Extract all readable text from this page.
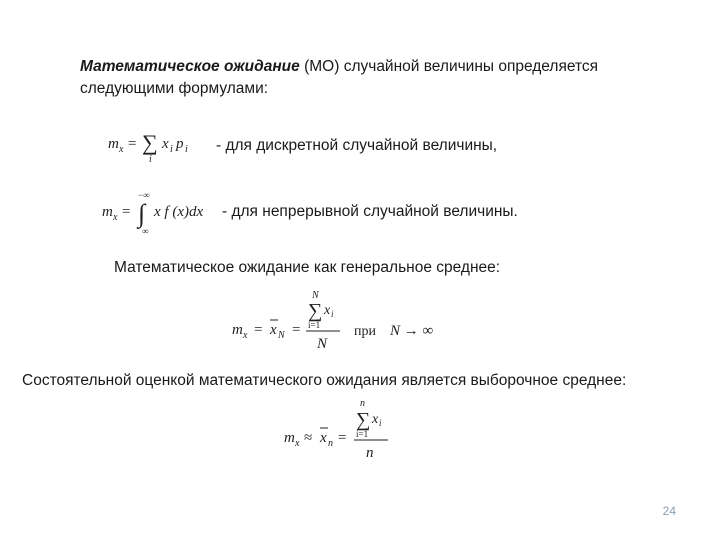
Математическое ожидание (МО) случайной величины определяется
следующими формулами:
m x = ∑
i
x i p i - для дискретной случайной величины,
m x =
−∞
∫
∞
x f (x)dx - для непрерывной случайной величины.
Математическое ожидание как генеральное среднее:
m x = x N =
N
∑ x i
i=1
N
при N → ∞
Состоятельной оценкой математического ожидания является выборочное среднее:
m x ≈ x n =
n
∑ x i
i=1
n
24
